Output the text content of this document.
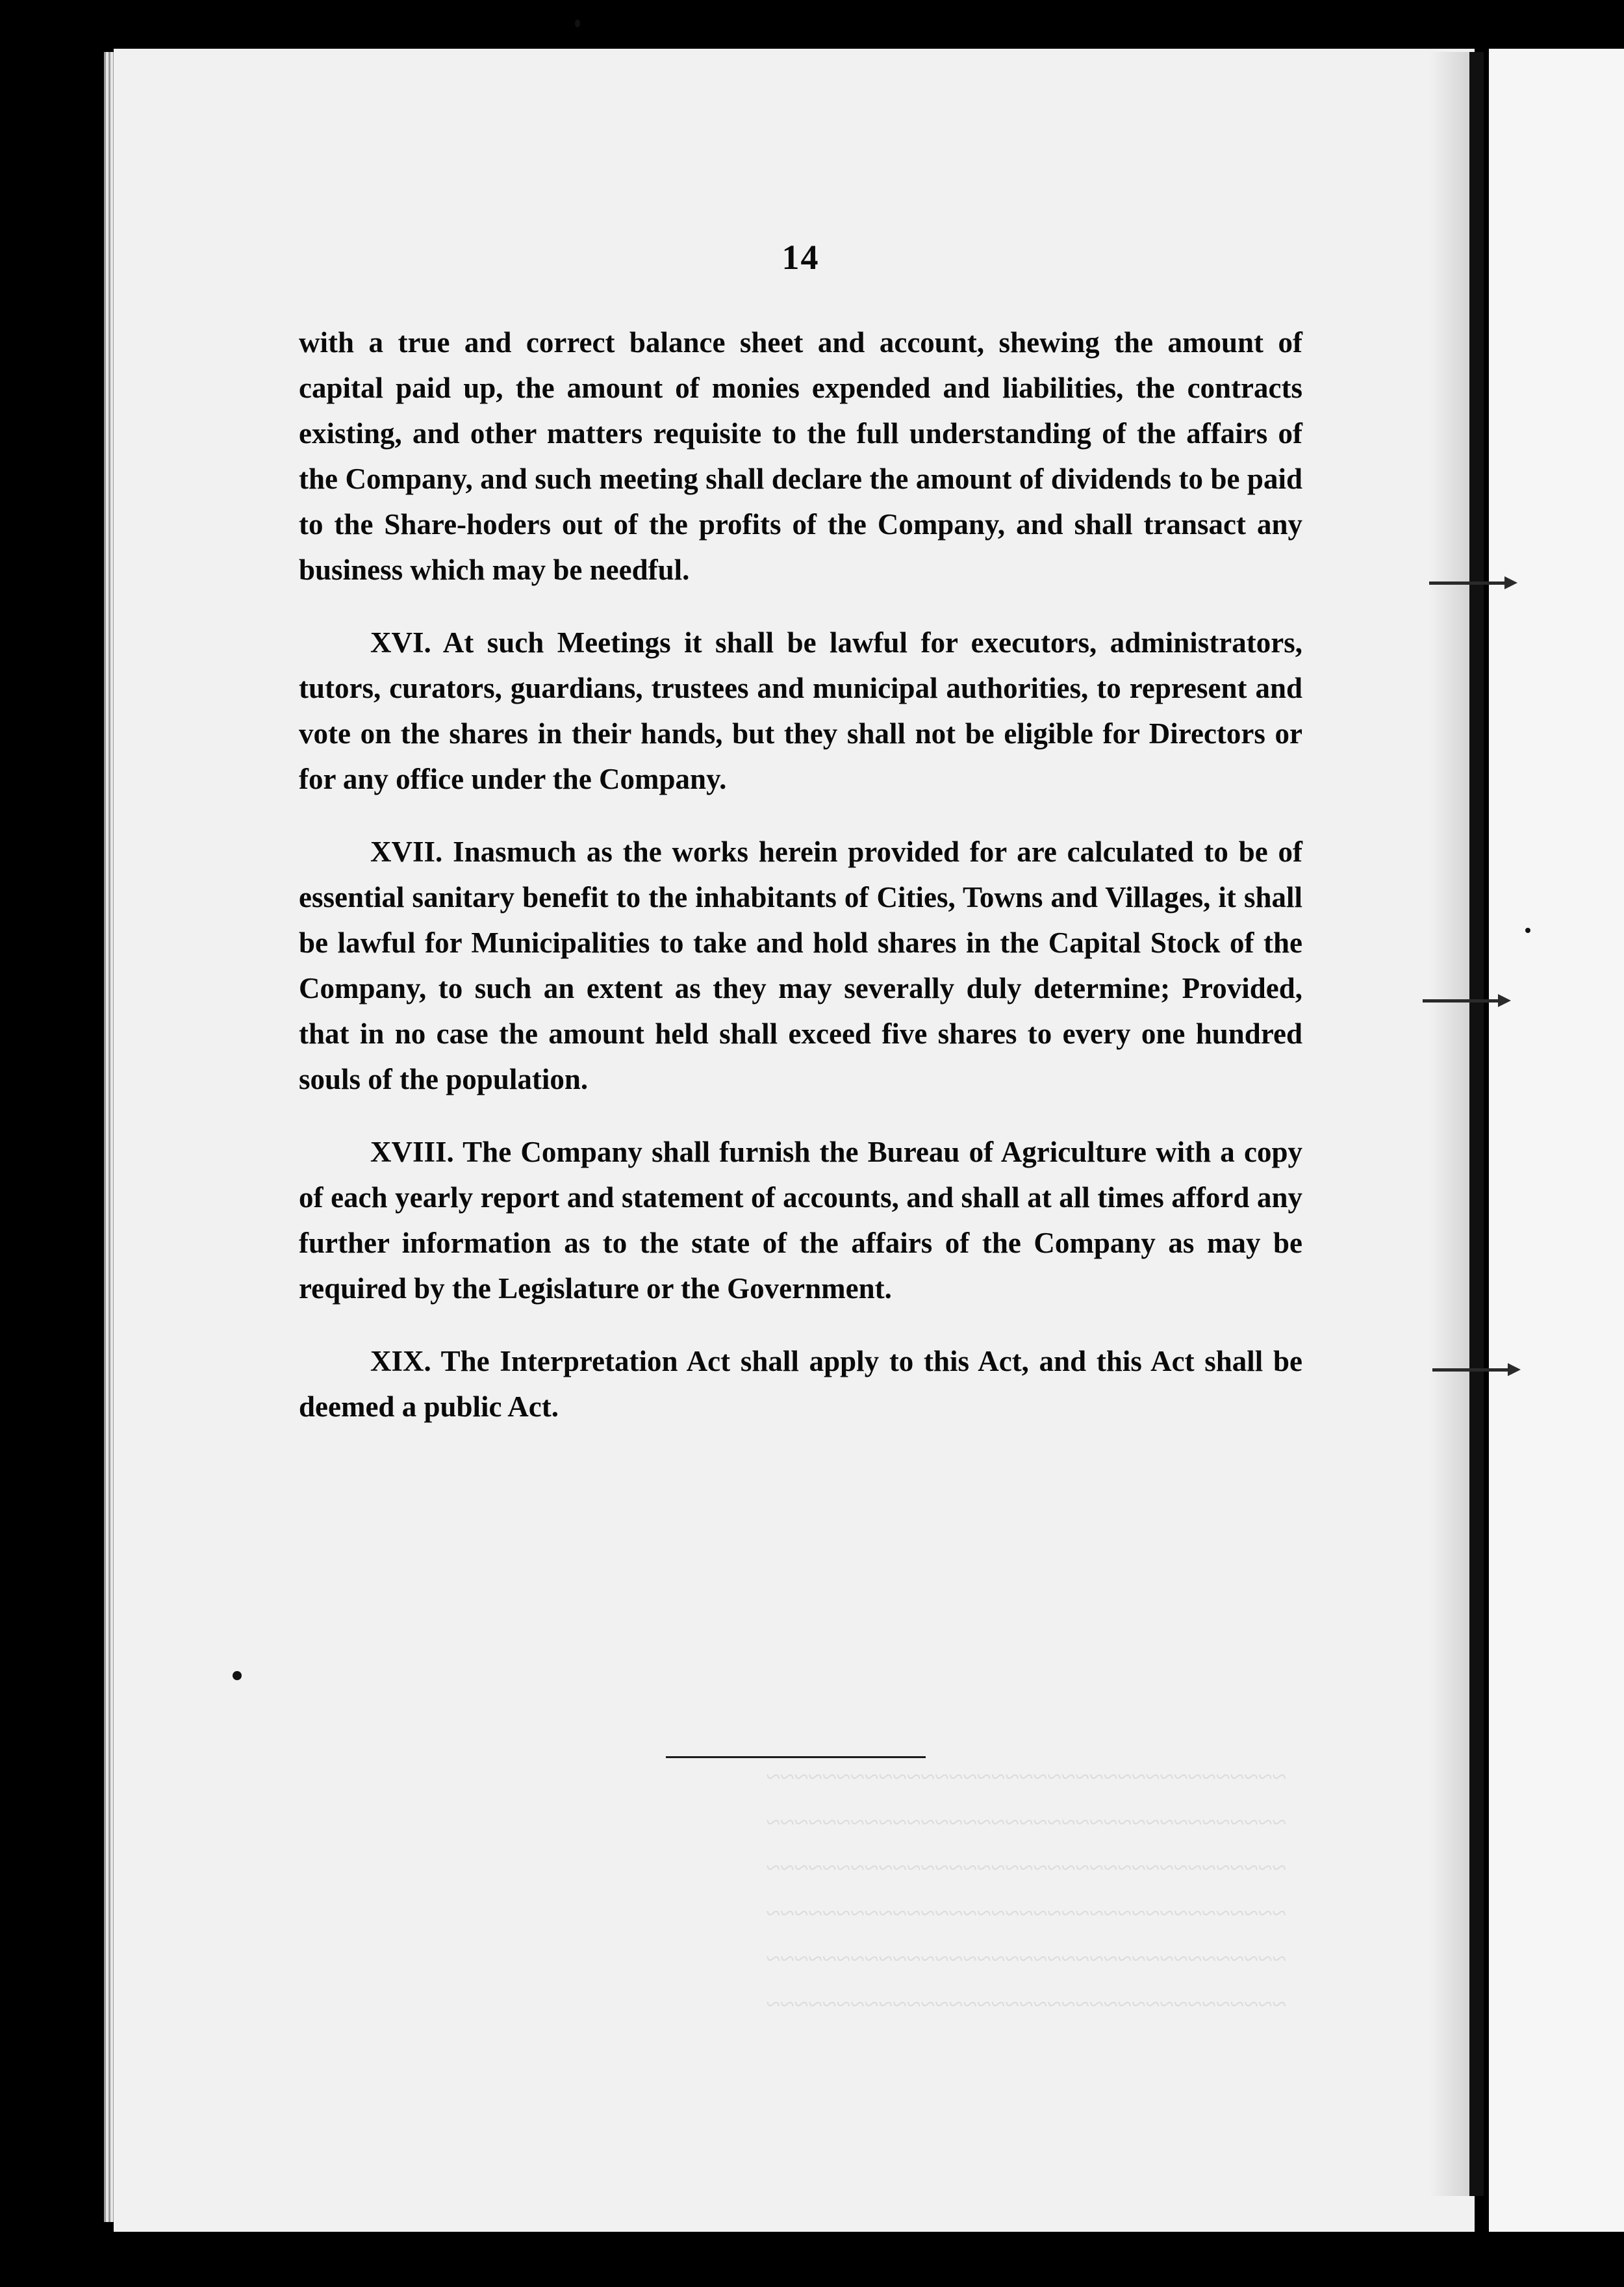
~~~~~~~~~~~~~~~~~~~~~~~~~~~~~~~~~~~~~
~~~~~~~~~~~~~~~~~~~~~~~~~~~~~~~~~~~~~
~~~~~~~~~~~~~~~~~~~~~~~~~~~~~~~~~~~~~
~~~~~~~~~~~~~~~~~~~~~~~~~~~~~~~~~~~~~
~~~~~~~~~~~~~~~~~~~~~~~~~~~~~~~~~~~~~
~~~~~~~~~~~~~~~~~~~~~~~~~~~~~~~~~~~~~
14

with a true and correct balance sheet and account, shewing the amount of capital paid up, the amount of monies expended and liabilities, the contracts existing, and other matters requisite to the full understanding of the affairs of the Company, and such meeting shall declare the amount of dividends to be paid to the Share-hoders out of the profits of the Company, and shall transact any business which may be needful.

XVI. At such Meetings it shall be lawful for executors, administrators, tutors, curators, guardians, trustees and municipal authorities, to represent and vote on the shares in their hands, but they shall not be eligible for Directors or for any office under the Company.

XVII. Inasmuch as the works herein provided for are calculated to be of essential sanitary benefit to the inhabitants of Cities, Towns and Villages, it shall be lawful for Municipalities to take and hold shares in the Capital Stock of the Company, to such an extent as they may severally duly determine; Provided, that in no case the amount held shall exceed five shares to every one hundred souls of the population.

XVIII. The Company shall furnish the Bureau of Agriculture with a copy of each yearly report and statement of accounts, and shall at all times afford any further information as to the state of the affairs of the Company as may be required by the Legislature or the Government.

XIX. The Interpretation Act shall apply to this Act, and this Act shall be deemed a public Act.
